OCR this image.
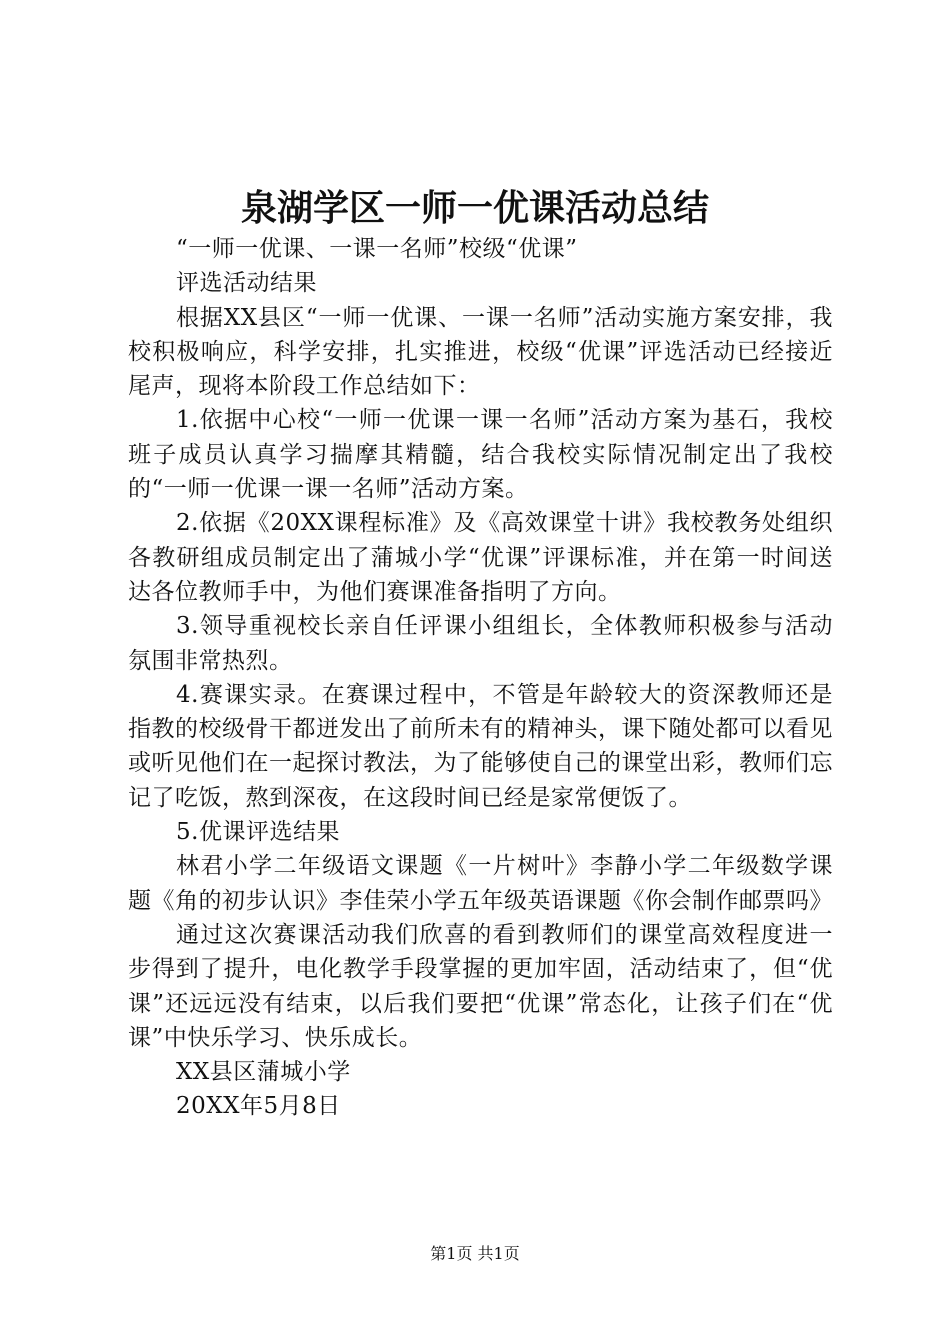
泉湖学区一师一优课活动总结

“一师一优课、一课一名师”校级“优课”

评选活动结果

根据XX县区“一师一优课、一课一名师”活动实施方案安排，我校积极响应，科学安排，扎实推进，校级“优课”评选活动已经接近尾声，现将本阶段工作总结如下：

1.依据中心校“一师一优课一课一名师”活动方案为基石，我校班子成员认真学习揣摩其精髓，结合我校实际情况制定出了我校的“一师一优课一课一名师”活动方案。

2.依据《20XX课程标准》及《高效课堂十讲》我校教务处组织各教研组成员制定出了蒲城小学“优课”评课标准，并在第一时间送达各位教师手中，为他们赛课准备指明了方向。

3.领导重视校长亲自任评课小组组长，全体教师积极参与活动氛围非常热烈。

4.赛课实录。在赛课过程中，不管是年龄较大的资深教师还是指教的校级骨干都迸发出了前所未有的精神头，课下随处都可以看见或听见他们在一起探讨教法，为了能够使自己的课堂出彩，教师们忘记了吃饭，熬到深夜，在这段时间已经是家常便饭了。

5.优课评选结果

林君小学二年级语文课题《一片树叶》李静小学二年级数学课题《角的初步认识》李佳荣小学五年级英语课题《你会制作邮票吗》

通过这次赛课活动我们欣喜的看到教师们的课堂高效程度进一步得到了提升，电化教学手段掌握的更加牢固，活动结束了，但“优课”还远远没有结束，以后我们要把“优课”常态化，让孩子们在“优课”中快乐学习、快乐成长。

XX县区蒲城小学

20XX年5月8日

第1页 共1页
